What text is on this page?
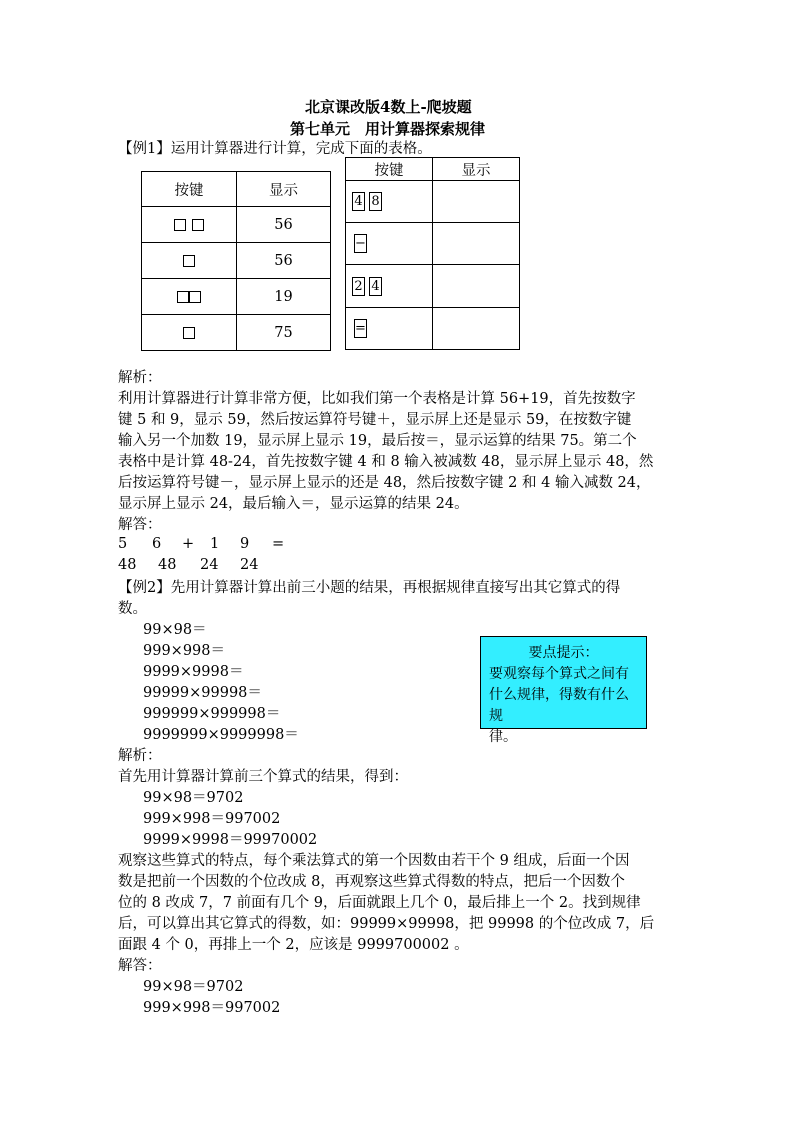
北京课改版4数上-爬坡题
第七单元　用计算器探索规律
【例1】运用计算器进行计算，完成下面的表格。
按键	显示
	56
	56
	19
	75
按键	显示
4 8	
−	
2 4	
=	
解析：
利用计算器进行计算非常方便，比如我们第一个表格是计算 56+19，首先按数字
键 5 和 9，显示 59，然后按运算符号键＋，显示屏上还是显示 59，在按数字键
输入另一个加数 19，显示屏上显示 19，最后按＝，显示运算的结果 75。第二个
表格中是计算 48-24，首先按数字键 4 和 8 输入被减数 48，显示屏上显示 48，然
后按运算符号键－，显示屏上显示的还是 48，然后按数字键 2 和 4 输入减数 24，
显示屏上显示 24，最后输入＝，显示运算的结果 24。
解答：
5 6 + 1 9 =
48 48 24 24
【例2】先用计算器计算出前三小题的结果，再根据规律直接写出其它算式的得
数。
99×98＝
999×998＝
9999×9998＝
99999×99998＝
999999×999998＝
9999999×9999998＝
要点提示：
要观察每个算式之间有
什么规律，得数有什么规
律。
解析：
首先用计算器计算前三个算式的结果，得到：
99×98＝9702
999×998＝997002
9999×9998＝99970002
观察这些算式的特点，每个乘法算式的第一个因数由若干个 9 组成，后面一个因
数是把前一个因数的个位改成 8，再观察这些算式得数的特点，把后一个因数个
位的 8 改成 7，7 前面有几个 9，后面就跟上几个 0，最后排上一个 2。找到规律
后，可以算出其它算式的得数，如：99999×99998，把 99998 的个位改成 7，后
面跟 4 个 0，再排上一个 2，应该是 9999700002 。
解答：
99×98＝9702
999×998＝997002
